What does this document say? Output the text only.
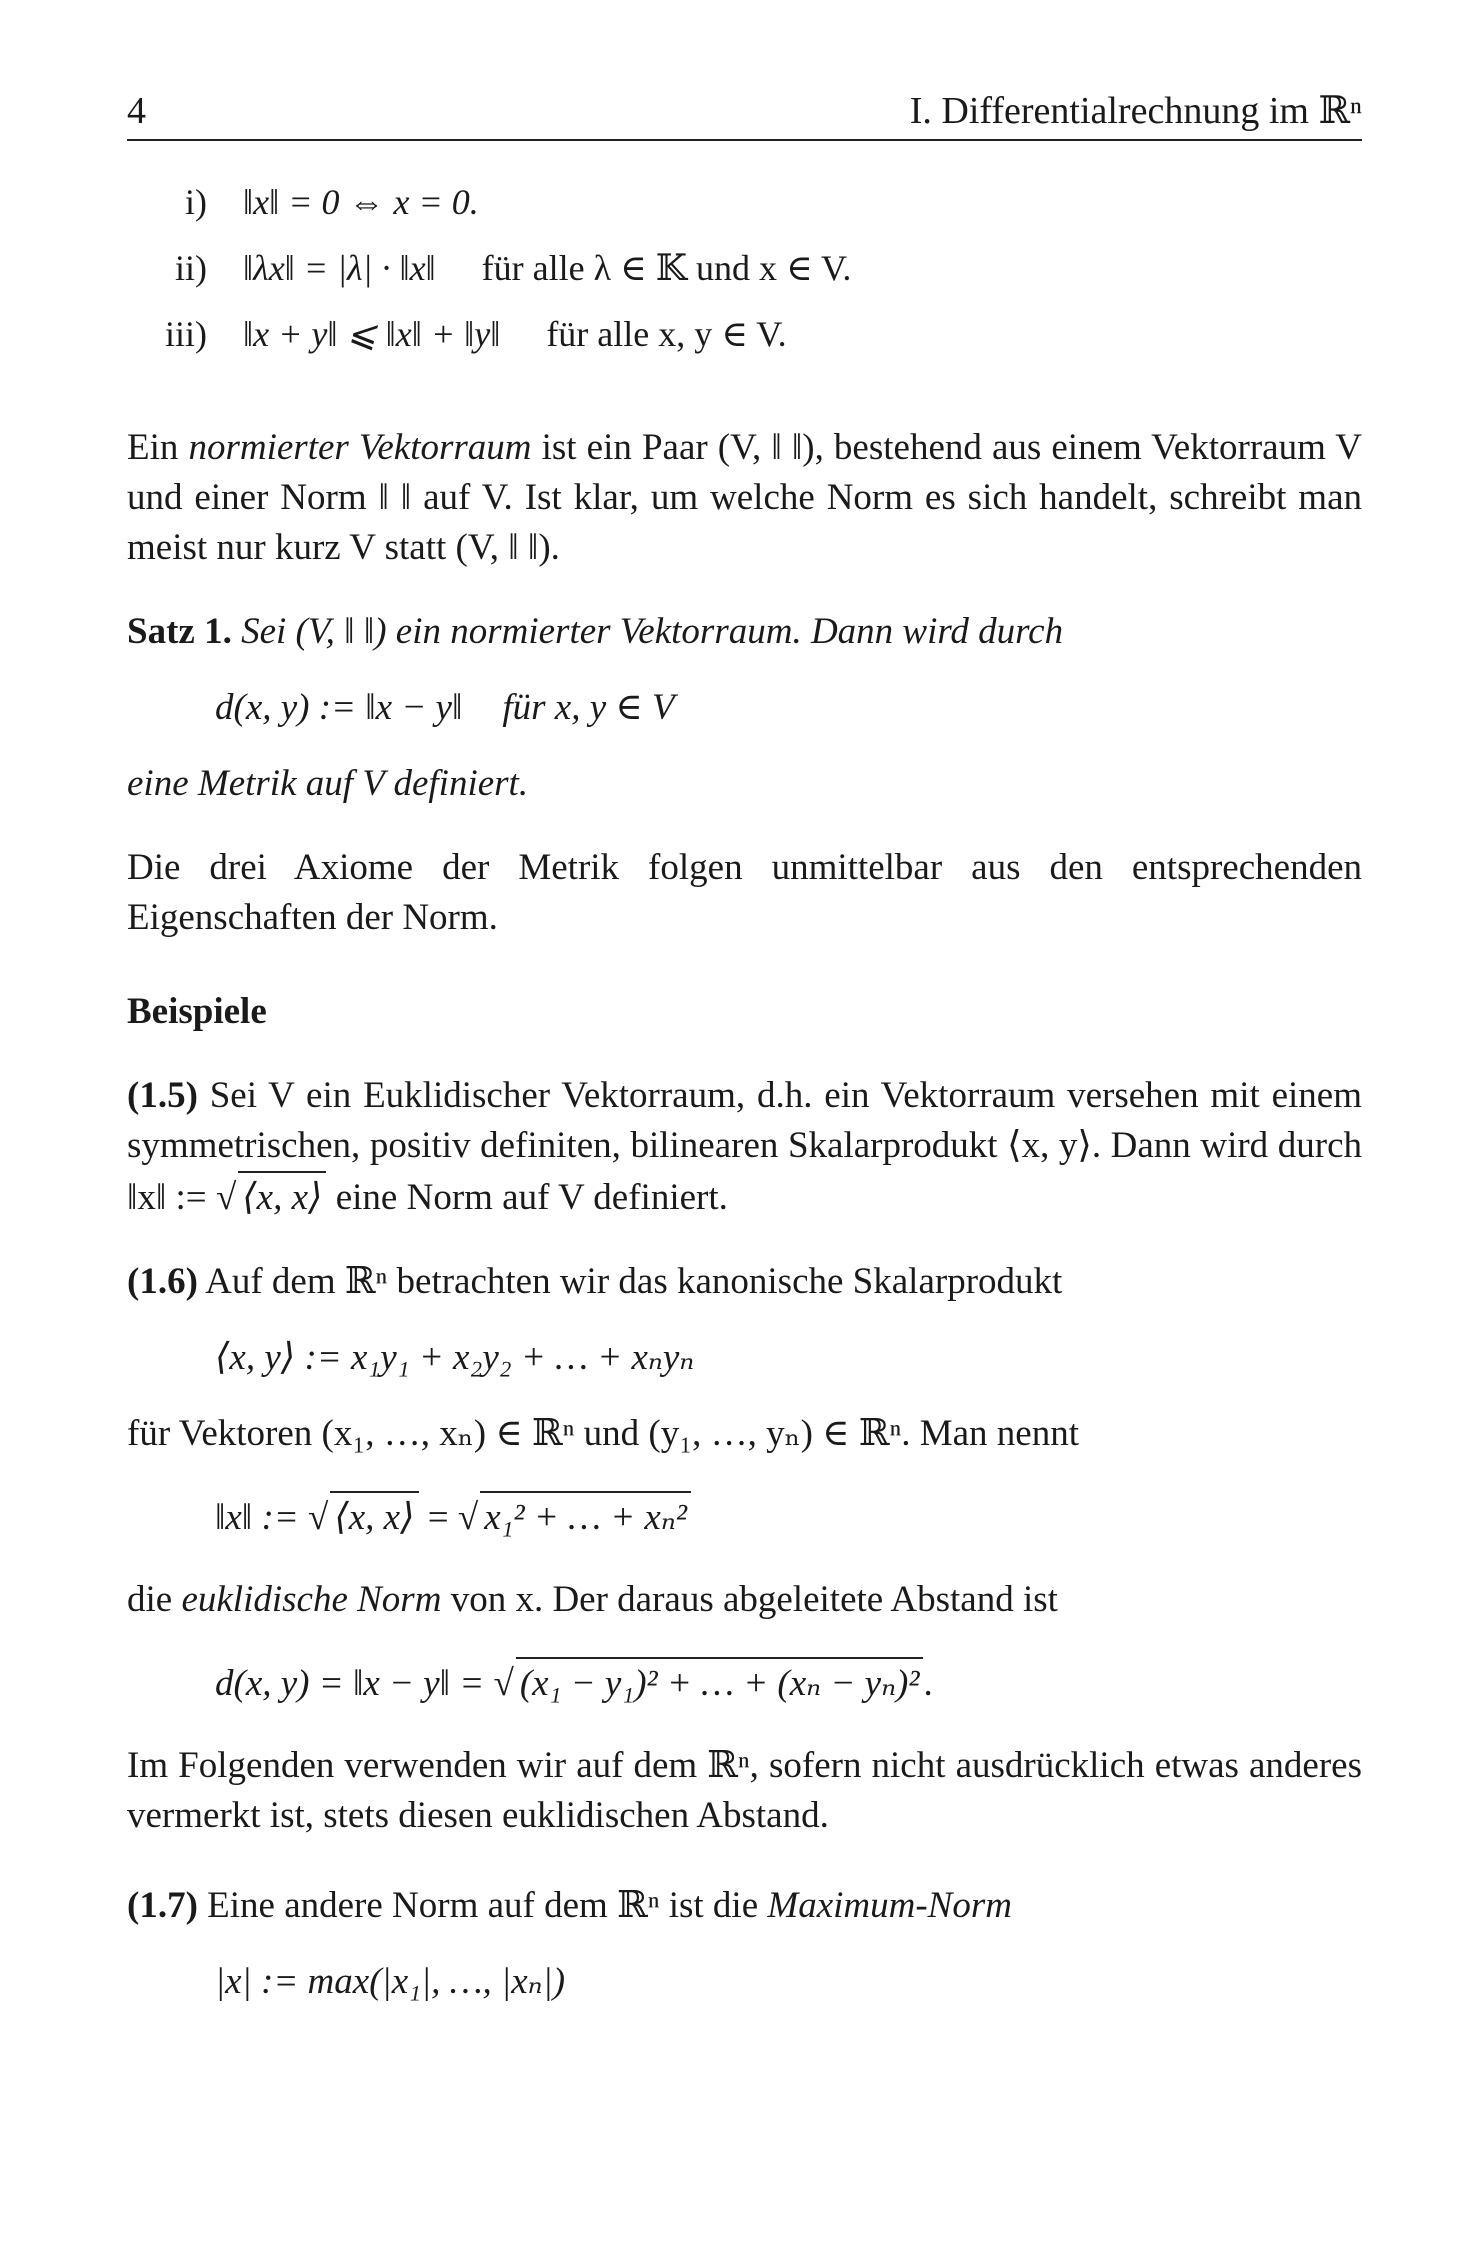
4	I. Differentialrechnung im ℝⁿ
i)	‖x‖ = 0 ⇔ x = 0.
ii)	‖λx‖ = |λ| · ‖x‖ für alle λ ∈ 𝕂 und x ∈ V.
iii)	‖x + y‖ ⩽ ‖x‖ + ‖y‖ für alle x, y ∈ V.

Ein normierter Vektorraum ist ein Paar (V, ‖ ‖), bestehend aus einem Vektorraum V und einer Norm ‖ ‖ auf V. Ist klar, um welche Norm es sich handelt, schreibt man meist nur kurz V statt (V, ‖ ‖).

Satz 1. Sei (V, ‖ ‖) ein normierter Vektorraum. Dann wird durch

d(x, y) := ‖x − y‖ für x, y ∈ V

eine Metrik auf V definiert.

Die drei Axiome der Metrik folgen unmittelbar aus den entsprechenden Eigenschaften der Norm.

Beispiele

(1.5) Sei V ein Euklidischer Vektorraum, d.h. ein Vektorraum versehen mit einem symmetrischen, positiv definiten, bilinearen Skalarprodukt ⟨x, y⟩. Dann wird durch ‖x‖ := √ ⟨x, x⟩ eine Norm auf V definiert.

(1.6) Auf dem ℝⁿ betrachten wir das kanonische Skalarprodukt

⟨x, y⟩ := x₁y₁ + x₂y₂ + … + xₙyₙ

für Vektoren (x₁, …, xₙ) ∈ ℝⁿ und (y₁, …, yₙ) ∈ ℝⁿ. Man nennt

‖x‖ := √ ⟨x, x⟩ = √ x₁² + … + xₙ²

die euklidische Norm von x. Der daraus abgeleitete Abstand ist

d(x, y) = ‖x − y‖ = √ (x₁ − y₁)² + … + (xₙ − yₙ)² .

Im Folgenden verwenden wir auf dem ℝⁿ, sofern nicht ausdrücklich etwas anderes vermerkt ist, stets diesen euklidischen Abstand.

(1.7) Eine andere Norm auf dem ℝⁿ ist die Maximum-Norm

|x| := max(|x₁|, …, |xₙ|)
